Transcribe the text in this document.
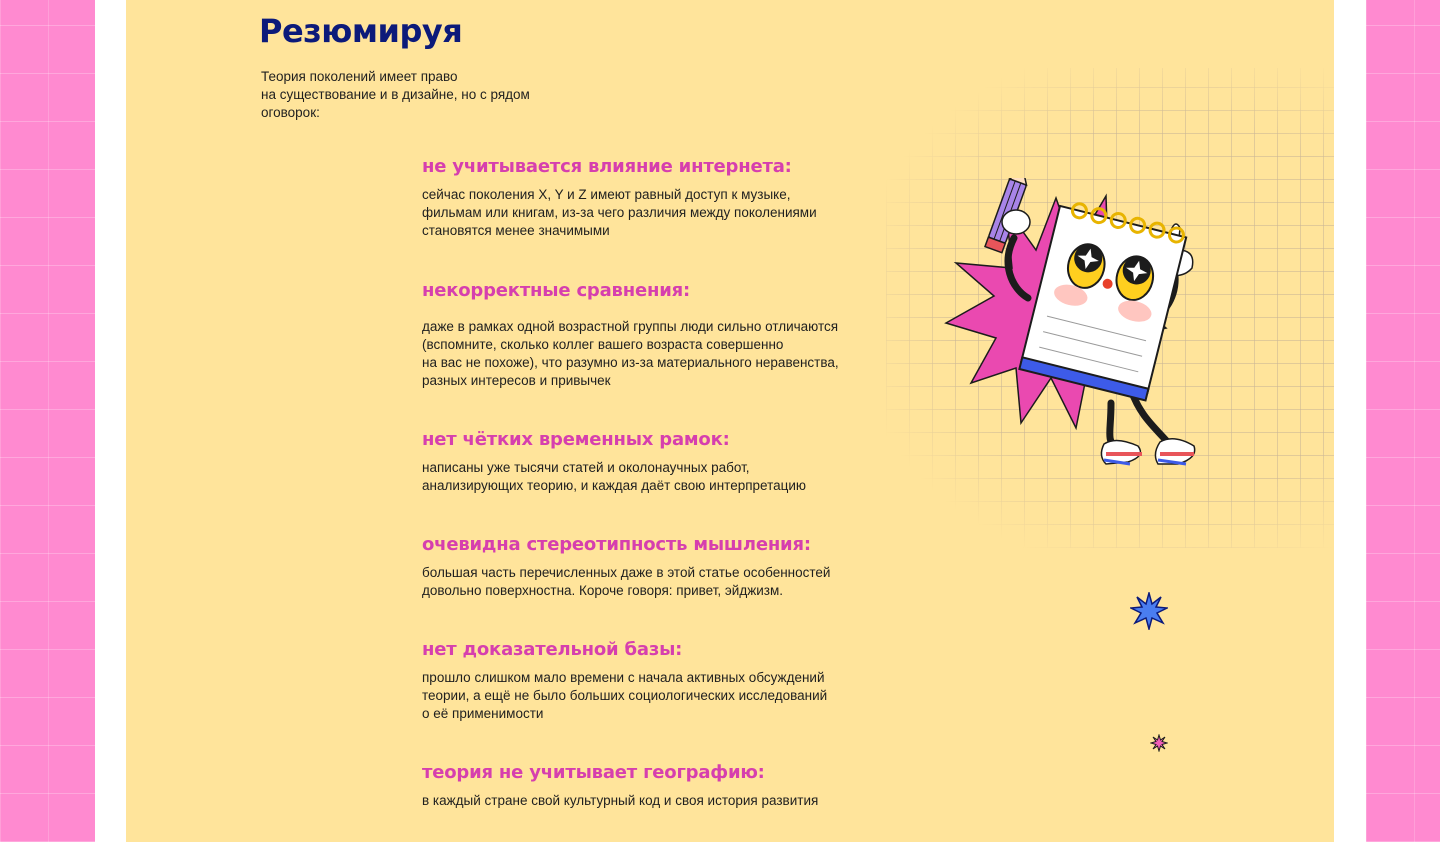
Резюмируя

Теория поколений имеет право
на существование и в дизайне, но с рядом
оговорок:

не учитывается влияние интернета:

сейчас поколения X, Y и Z имеют равный доступ к музыке,
фильмам или книгам, из-за чего различия между поколениями
становятся менее значимыми

некорректные сравнения:

даже в рамках одной возрастной группы люди сильно отличаются
(вспомните, сколько коллег вашего возраста совершенно
на вас не похоже), что разумно из-за материального неравенства,
разных интересов и привычек

нет чётких временных рамок:

написаны уже тысячи статей и околонаучных работ,
анализирующих теорию, и каждая даёт свою интерпретацию

очевидна стереотипность мышления:

большая часть перечисленных даже в этой статье особенностей
довольно поверхностна. Короче говоря: привет, эйджизм.

нет доказательной базы:

прошло слишком мало времени с начала активных обсуждений
теории, а ещё не было больших социологических исследований
о её применимости

теория не учитывает географию:

в каждый стране свой культурный код и своя история развития
